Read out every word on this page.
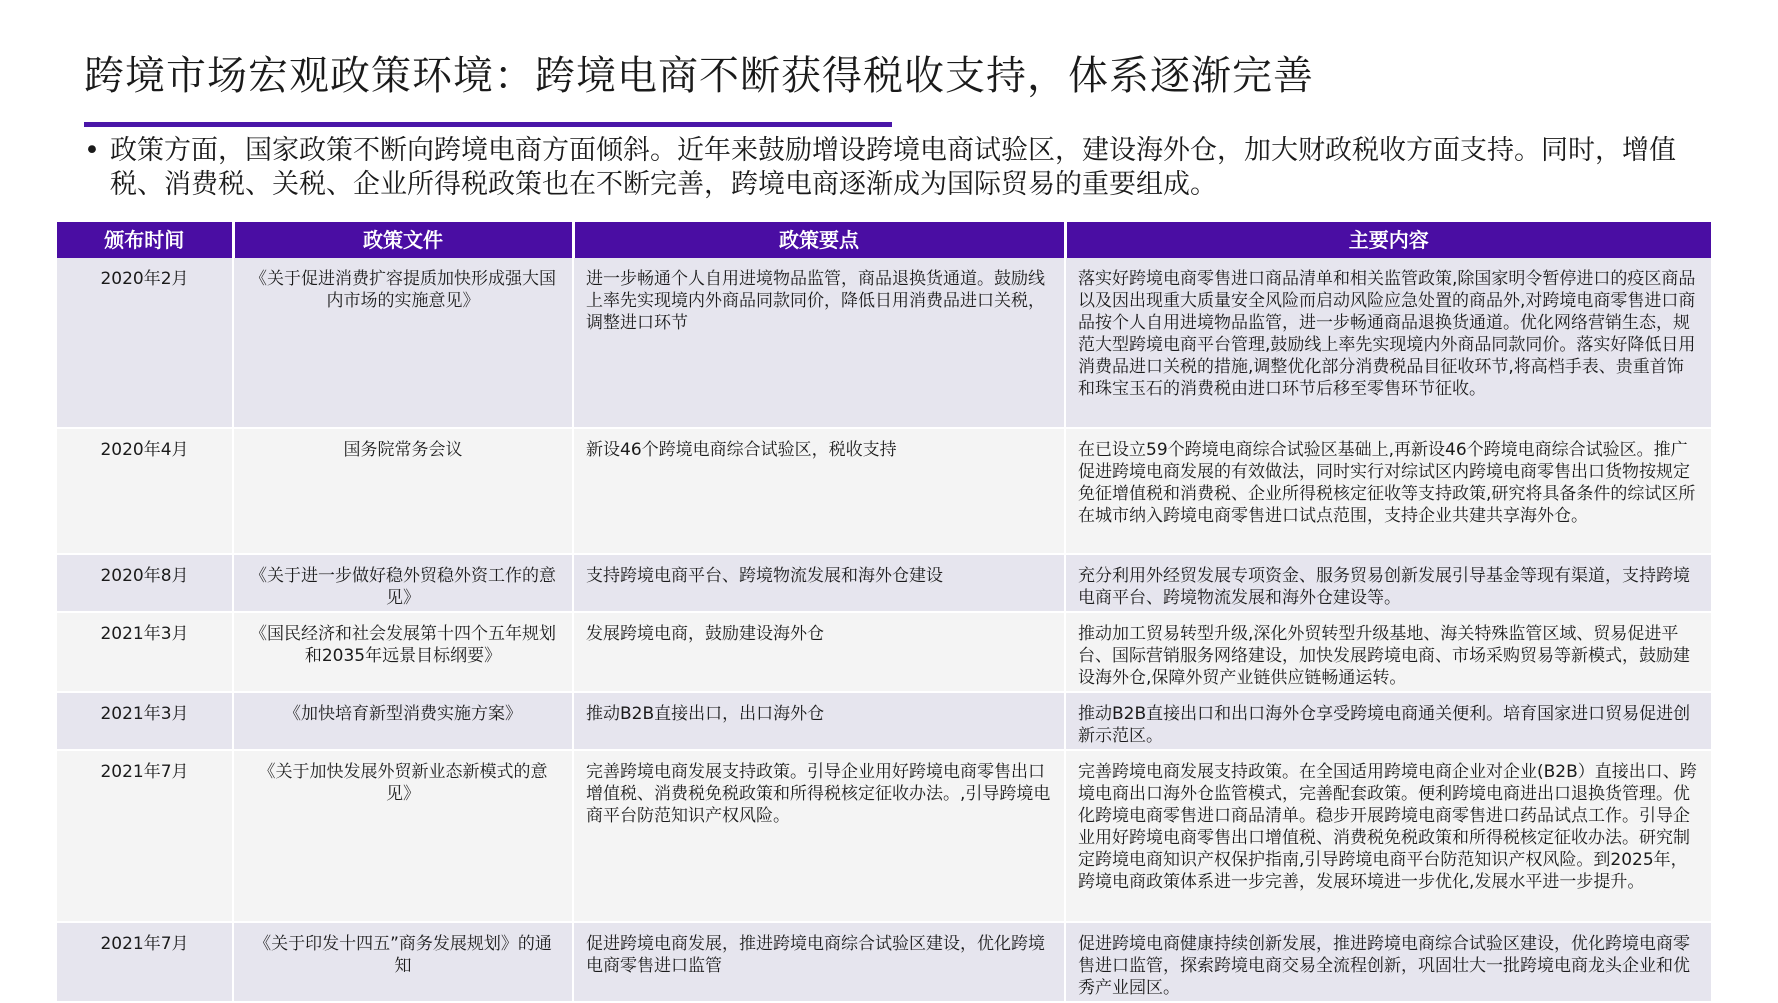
跨境市场宏观政策环境：跨境电商不断获得税收支持，体系逐渐完善
• 政策方面，国家政策不断向跨境电商方面倾斜。近年来鼓励增设跨境电商试验区，建设海外仓，加大财政税收方面支持。同时，增值税、消费税、关税、企业所得税政策也在不断完善，跨境电商逐渐成为国际贸易的重要组成。

颁布时间	政策文件	政策要点	主要内容
2020年2月	《关于促进消费扩容提质加快形成强大国内市场的实施意见》	进一步畅通个人自用进境物品监管，商品退换货通道。鼓励线上率先实现境内外商品同款同价，降低日用消费品进口关税，调整进口环节	落实好跨境电商零售进口商品清单和相关监管政策,除国家明令暂停进口的疫区商品以及因出现重大质量安全风险而启动风险应急处置的商品外,对跨境电商零售进口商品按个人自用进境物品监管，进一步畅通商品退换货通道。优化网络营销生态，规范大型跨境电商平台管理,鼓励线上率先实现境内外商品同款同价。落实好降低日用消费品进口关税的措施,调整优化部分消费税品目征收环节,将高档手表、贵重首饰和珠宝玉石的消费税由进口环节后移至零售环节征收。
2020年4月	国务院常务会议	新设46个跨境电商综合试验区，税收支持	在已设立59个跨境电商综合试验区基础上,再新设46个跨境电商综合试验区。推广促进跨境电商发展的有效做法，同时实行对综试区内跨境电商零售出口货物按规定免征增值税和消费税、企业所得税核定征收等支持政策,研究将具备条件的综试区所在城市纳入跨境电商零售进口试点范围，支持企业共建共享海外仓。
2020年8月	《关于进一步做好稳外贸稳外资工作的意见》	支持跨境电商平台、跨境物流发展和海外仓建设	充分利用外经贸发展专项资金、服务贸易创新发展引导基金等现有渠道，支持跨境电商平台、跨境物流发展和海外仓建设等。
2021年3月	《国民经济和社会发展第十四个五年规划和2035年远景目标纲要》	发展跨境电商，鼓励建设海外仓	推动加工贸易转型升级,深化外贸转型升级基地、海关特殊监管区域、贸易促进平台、国际营销服务网络建设，加快发展跨境电商、市场采购贸易等新模式，鼓励建设海外仓,保障外贸产业链供应链畅通运转。
2021年3月	《加快培育新型消费实施方案》	推动B2B直接出口，出口海外仓	推动B2B直接出口和出口海外仓享受跨境电商通关便利。培育国家进口贸易促进创新示范区。
2021年7月	《关于加快发展外贸新业态新模式的意见》	完善跨境电商发展支持政策。引导企业用好跨境电商零售出口增值税、消费税免税政策和所得税核定征收办法。,引导跨境电商平台防范知识产权风险。	完善跨境电商发展支持政策。在全国适用跨境电商企业对企业(B2B）直接出口、跨境电商出口海外仓监管模式，完善配套政策。便利跨境电商进出口退换货管理。优化跨境电商零售进口商品清单。稳步开展跨境电商零售进口药品试点工作。引导企业用好跨境电商零售出口增值税、消费税免税政策和所得税核定征收办法。研究制定跨境电商知识产权保护指南,引导跨境电商平台防范知识产权风险。到2025年，跨境电商政策体系进一步完善，发展环境进一步优化,发展水平进一步提升。
2021年7月	《关于印发十四五”商务发展规划》的通知	促进跨境电商发展，推进跨境电商综合试验区建设，优化跨境电商零售进口监管	促进跨境电商健康持续创新发展，推进跨境电商综合试验区建设，优化跨境电商零售进口监管，探索跨境电商交易全流程创新，巩固壮大一批跨境电商龙头企业和优秀产业园区。
